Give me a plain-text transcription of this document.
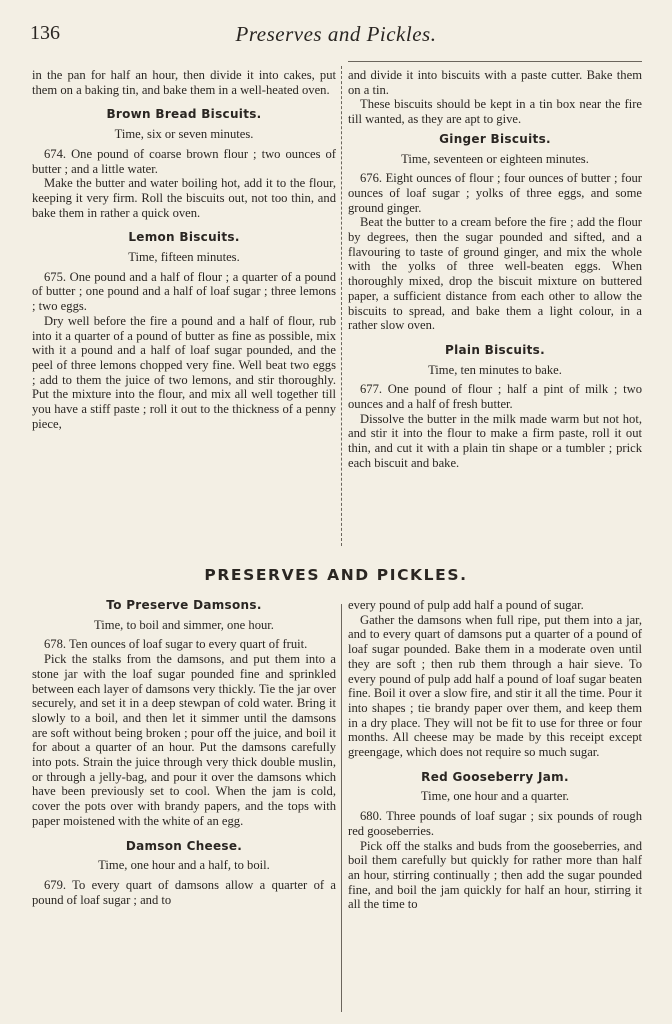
136	Preserves and Pickles.

in the pan for half an hour, then divide it into cakes, put them on a baking tin, and bake them in a well-heated oven.

Brown Bread Biscuits.

Time, six or seven minutes.

674. One pound of coarse brown flour ; two ounces of butter ; and a little water.

Make the butter and water boiling hot, add it to the flour, keeping it very firm. Roll the biscuits out, not too thin, and bake them in rather a quick oven.

Lemon Biscuits.

Time, fifteen minutes.

675. One pound and a half of flour ; a quarter of a pound of butter ; one pound and a half of loaf sugar ; three lemons ; two eggs.

Dry well before the fire a pound and a half of flour, rub into it a quarter of a pound of butter as fine as possible, mix with it a pound and a half of loaf sugar pounded, and the peel of three lemons chopped very fine. Well beat two eggs ; add to them the juice of two lemons, and stir thoroughly. Put the mixture into the flour, and mix all well together till you have a stiff paste ; roll it out to the thickness of a penny piece,

and divide it into biscuits with a paste cutter. Bake them on a tin.

These biscuits should be kept in a tin box near the fire till wanted, as they are apt to give.

Ginger Biscuits.

Time, seventeen or eighteen minutes.

676. Eight ounces of flour ; four ounces of butter ; four ounces of loaf sugar ; yolks of three eggs, and some ground ginger.

Beat the butter to a cream before the fire ; add the flour by degrees, then the sugar pounded and sifted, and a flavouring to taste of ground ginger, and mix the whole with the yolks of three well-beaten eggs. When thoroughly mixed, drop the biscuit mixture on buttered paper, a sufficient distance from each other to allow the biscuits to spread, and bake them a light colour, in a rather slow oven.

Plain Biscuits.

Time, ten minutes to bake.

677. One pound of flour ; half a pint of milk ; two ounces and a half of fresh butter.

Dissolve the butter in the milk made warm but not hot, and stir it into the flour to make a firm paste, roll it out thin, and cut it with a plain tin shape or a tumbler ; prick each biscuit and bake.

PRESERVES AND PICKLES.
To Preserve Damsons.

Time, to boil and simmer, one hour.

678. Ten ounces of loaf sugar to every quart of fruit.

Pick the stalks from the damsons, and put them into a stone jar with the loaf sugar pounded fine and sprinkled between each layer of damsons very thickly. Tie the jar over securely, and set it in a deep stewpan of cold water. Bring it slowly to a boil, and then let it simmer until the damsons are soft without being broken ; pour off the juice, and boil it for about a quarter of an hour. Put the damsons carefully into pots. Strain the juice through very thick double muslin, or through a jelly-bag, and pour it over the damsons which have been previously set to cool. When the jam is cold, cover the pots over with brandy papers, and the tops with paper moistened with the white of an egg.

Damson Cheese.

Time, one hour and a half, to boil.

679. To every quart of damsons allow a quarter of a pound of loaf sugar ; and to

every pound of pulp add half a pound of sugar.

Gather the damsons when full ripe, put them into a jar, and to every quart of damsons put a quarter of a pound of loaf sugar pounded. Bake them in a moderate oven until they are soft ; then rub them through a hair sieve. To every pound of pulp add half a pound of loaf sugar beaten fine. Boil it over a slow fire, and stir it all the time. Pour it into shapes ; tie brandy paper over them, and keep them in a dry place. They will not be fit to use for three or four months. All cheese may be made by this receipt except greengage, which does not require so much sugar.

Red Gooseberry Jam.

Time, one hour and a quarter.

680. Three pounds of loaf sugar ; six pounds of rough red gooseberries.

Pick off the stalks and buds from the gooseberries, and boil them carefully but quickly for rather more than half an hour, stirring continually ; then add the sugar pounded fine, and boil the jam quickly for half an hour, stirring it all the time to
